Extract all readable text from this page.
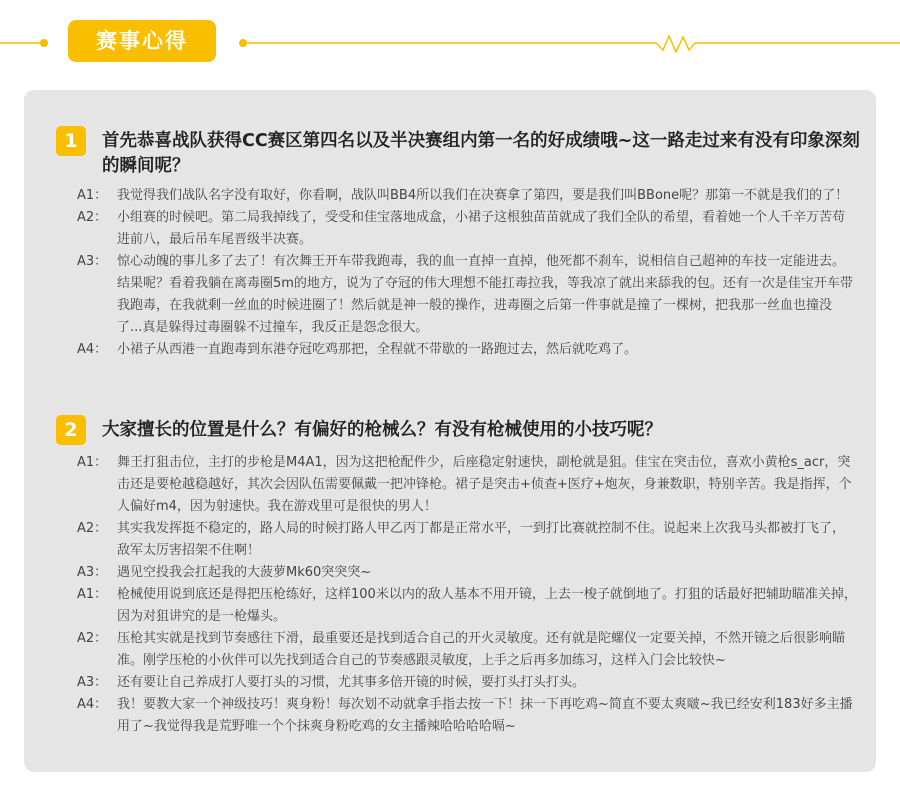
赛事心得
1	首先恭喜战队获得CC赛区第四名以及半决赛组内第一名的好成绩哦~这一路走过来有没有印象深刻的瞬间呢？
A1： 我觉得我们战队名字没有取好，你看啊，战队叫BB4所以我们在决赛拿了第四，要是我们叫BBone呢？那第一不就是我们的了！
A2： 小组赛的时候吧。第二局我掉线了，受受和佳宝落地成盒，小裙子这根独苗苗就成了我们全队的希望，看着她一个人千辛万苦苟进前八，最后吊车尾晋级半决赛。
A3： 惊心动魄的事儿多了去了！有次舞王开车带我跑毒，我的血一直掉一直掉，他死都不刹车，说相信自己超神的车技一定能进去。结果呢？看着我躺在离毒圈5m的地方，说为了夺冠的伟大理想不能扛毒拉我，等我凉了就出来舔我的包。还有一次是佳宝开车带我跑毒，在我就剩一丝血的时候进圈了！然后就是神一般的操作，进毒圈之后第一件事就是撞了一棵树，把我那一丝血也撞没了...真是躲得过毒圈躲不过撞车，我反正是怨念很大。
A4： 小裙子从西港一直跑毒到东港夺冠吃鸡那把，全程就不带歇的一路跑过去，然后就吃鸡了。
2	大家擅长的位置是什么？有偏好的枪械么？有没有枪械使用的小技巧呢？
A1： 舞王打狙击位，主打的步枪是M4A1，因为这把枪配件少，后座稳定射速快，副枪就是狙。佳宝在突击位，喜欢小黄枪s_acr，突击还是要枪越稳越好，其次会因队伍需要佩戴一把冲锋枪。裙子是突击+侦查+医疗+炮灰，身兼数职，特别辛苦。我是指挥，个人偏好m4，因为射速快。我在游戏里可是很快的男人！
A2： 其实我发挥挺不稳定的，路人局的时候打路人甲乙丙丁都是正常水平，一到打比赛就控制不住。说起来上次我马头都被打飞了，敌军太厉害招架不住啊！
A3： 遇见空投我会扛起我的大菠萝Mk60突突突~
A1： 枪械使用说到底还是得把压枪练好，这样100米以内的敌人基本不用开镜，上去一梭子就倒地了。打狙的话最好把辅助瞄准关掉，因为对狙讲究的是一枪爆头。
A2： 压枪其实就是找到节奏感往下滑，最重要还是找到适合自己的开火灵敏度。还有就是陀螺仪一定要关掉，不然开镜之后很影响瞄准。刚学压枪的小伙伴可以先找到适合自己的节奏感跟灵敏度，上手之后再多加练习，这样入门会比较快~
A3： 还有要让自己养成打人要打头的习惯，尤其事多倍开镜的时候，要打头打头打头。
A4： 我！要教大家一个神级技巧！爽身粉！每次划不动就拿手指去按一下！抹一下再吃鸡~简直不要太爽啵~我已经安利183好多主播用了~我觉得我是荒野唯一个个抹爽身粉吃鸡的女主播辣哈哈哈哈嗝~
